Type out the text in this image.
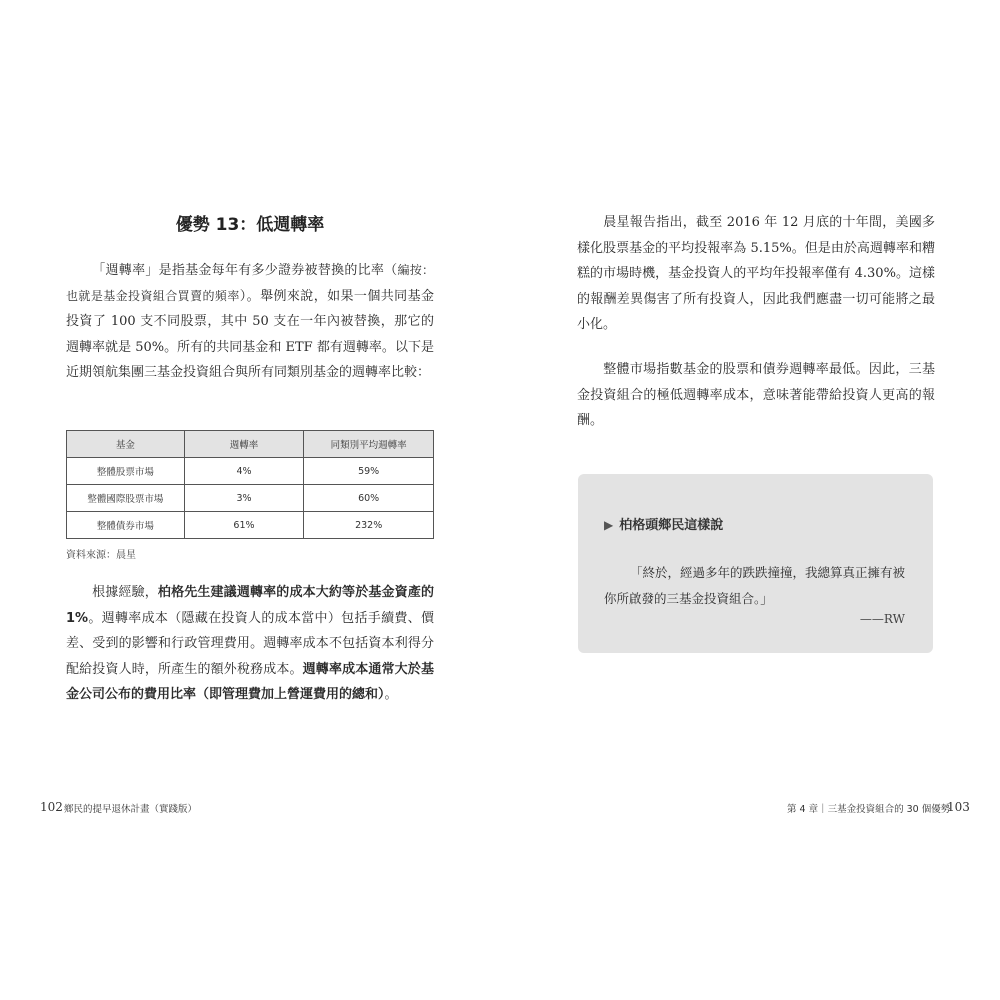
優勢 13：低週轉率

「週轉率」是指基金每年有多少證券被替換的比率（編按：也就是基金投資組合買賣的頻率）。舉例來說，如果一個共同基金投資了 100 支不同股票，其中 50 支在一年內被替換，那它的週轉率就是 50%。所有的共同基金和 ETF 都有週轉率。以下是近期領航集團三基金投資組合與所有同類別基金的週轉率比較：

基金	週轉率	同類別平均週轉率
整體股票市場	4%	59%
整體國際股票市場	3%	60%
整體債券市場	61%	232%
資料來源：晨星

根據經驗，柏格先生建議週轉率的成本大約等於基金資產的 1%。週轉率成本（隱藏在投資人的成本當中）包括手續費、價差、受到的影響和行政管理費用。週轉率成本不包括資本利得分配給投資人時，所產生的額外稅務成本。週轉率成本通常大於基金公司公布的費用比率（即管理費加上營運費用的總和）。

102 鄉民的提早退休計畫（實踐版）

晨星報告指出，截至 2016 年 12 月底的十年間，美國多樣化股票基金的平均投報率為 5.15%。但是由於高週轉率和糟糕的市場時機，基金投資人的平均年投報率僅有 4.30%。這樣的報酬差異傷害了所有投資人，因此我們應盡一切可能將之最小化。

整體市場指數基金的股票和債券週轉率最低。因此，三基金投資組合的極低週轉率成本，意味著能帶給投資人更高的報酬。

▶ 柏格頭鄉民這樣說

「終於，經過多年的跌跌撞撞，我總算真正擁有被你所啟發的三基金投資組合。」

——RW
第 4 章｜三基金投資組合的 30 個優勢
103
